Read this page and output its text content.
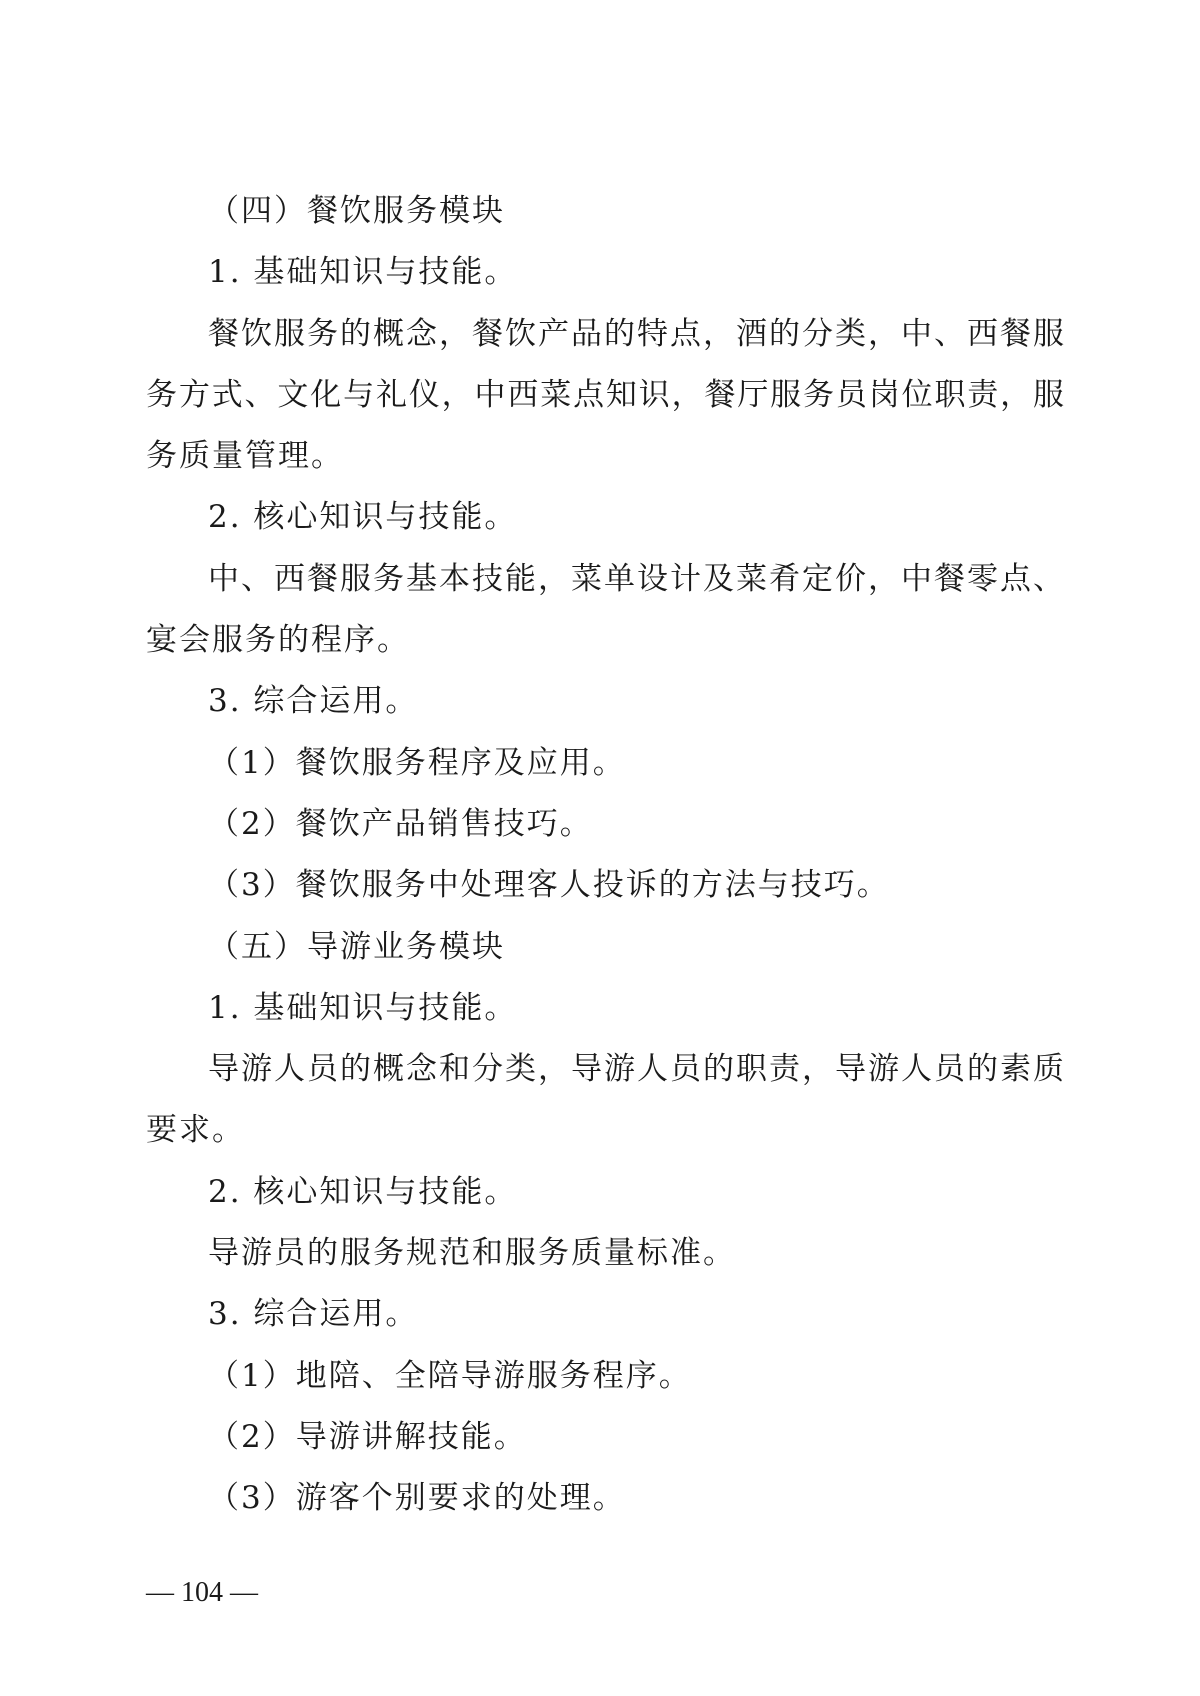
（四）餐饮服务模块

1. 基础知识与技能。

餐饮服务的概念，餐饮产品的特点，酒的分类，中、西餐服

务方式、文化与礼仪，中西菜点知识，餐厅服务员岗位职责，服

务质量管理。

2. 核心知识与技能。

中、西餐服务基本技能，菜单设计及菜肴定价，中餐零点、

宴会服务的程序。

3. 综合运用。

（1）餐饮服务程序及应用。

（2）餐饮产品销售技巧。

（3）餐饮服务中处理客人投诉的方法与技巧。

（五）导游业务模块

1. 基础知识与技能。

导游人员的概念和分类，导游人员的职责，导游人员的素质

要求。

2. 核心知识与技能。

导游员的服务规范和服务质量标准。

3. 综合运用。

（1）地陪、全陪导游服务程序。

（2）导游讲解技能。

（3）游客个别要求的处理。

— 104 —
